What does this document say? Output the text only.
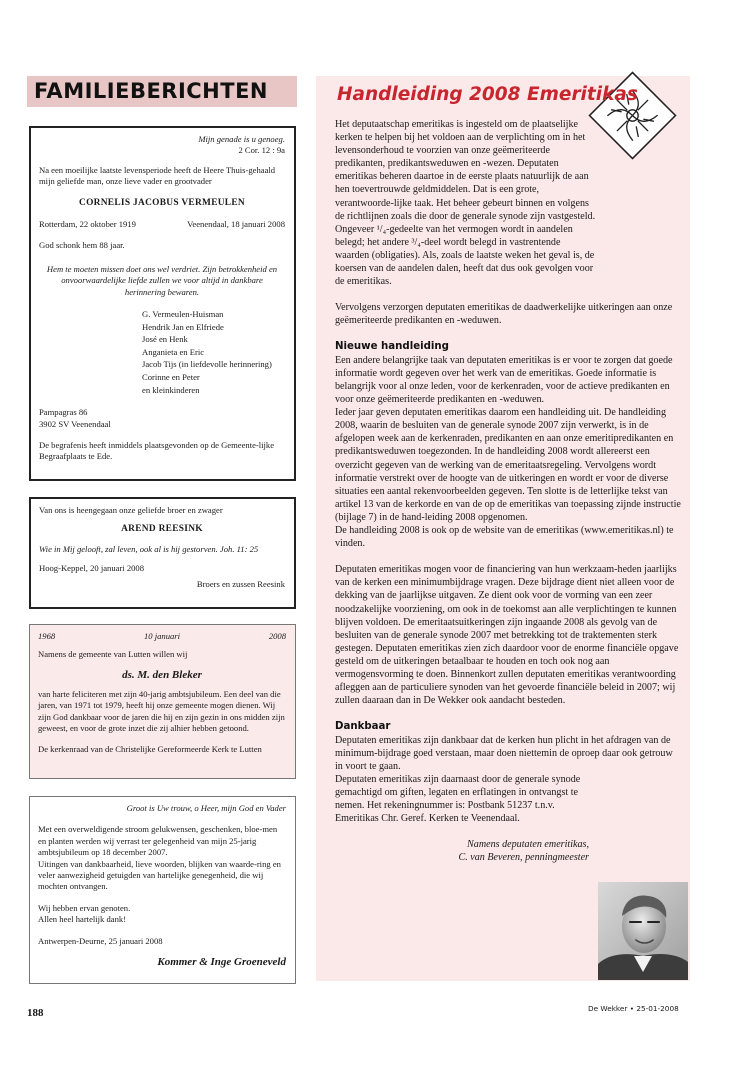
FAMILIEBERICHTEN

Mijn genade is u genoeg.

2 Cor. 12 : 9a

Na een moeilijke laatste levensperiode heeft de Heere Thuis-gehaald mijn geliefde man, onze lieve vader en grootvader

CORNELIS JACOBUS VERMEULEN

Rotterdam, 22 oktober 1919	Veenendaal, 18 januari 2008

God schonk hem 88 jaar.

Hem te moeten missen doet ons wel verdriet. Zijn betrokkenheid en onvoorwaardelijke liefde zullen we voor altijd in dankbare herinnering bewaren.

G. Vermeulen-Huisman

Hendrik Jan en Elfriede

José en Henk

Anganieta en Eric

Jacob Tijs (in liefdevolle herinnering)

Corinne en Peter

en kleinkinderen

Pampagras 86

3902 SV Veenendaal

De begrafenis heeft inmiddels plaatsgevonden op de Gemeente-lijke Begraafplaats te Ede.

Van ons is heengegaan onze geliefde broer en zwager

AREND REESINK

Wie in Mij gelooft, zal leven, ook al is hij gestorven. Joh. 11: 25

Hoog-Keppel, 20 januari 2008

Broers en zussen Reesink

1968	10 januari	2008

Namens de gemeente van Lutten willen wij

ds. M. den Bleker

van harte feliciteren met zijn 40-jarig ambtsjubileum. Een deel van die jaren, van 1971 tot 1979, heeft hij onze gemeente mogen dienen. Wij zijn God dankbaar voor de jaren die hij en zijn gezin in ons midden zijn geweest, en voor de grote inzet die zij alhier hebben getoond.

De kerkenraad van de Christelijke Gereformeerde Kerk te Lutten

Groot is Uw trouw, o Heer, mijn God en Vader

Met een overweldigende stroom gelukwensen, geschenken, bloe-men en planten werden wij verrast ter gelegenheid van mijn 25-jarig ambtsjubileum op 18 december 2007.

Uitingen van dankbaarheid, lieve woorden, blijken van waarde-ring en veler aanwezigheid getuigden van hartelijke genegenheid, die wij mochten ontvangen.

Wij hebben ervan genoten.

Allen heel hartelijk dank!

Antwerpen-Deurne, 25 januari 2008

Kommer & Inge Groeneveld

Handleiding 2008 Emeritikas

Het deputaatschap emeritikas is ingesteld om de plaatselijke kerken te helpen bij het voldoen aan de verplichting om in het levensonderhoud te voorzien van onze geëmeriteerde predikanten, predikantsweduwen en -wezen. Deputaten emeritikas beheren daartoe in de eerste plaats natuurlijk de aan hen toevertrouwde geldmiddelen. Dat is een grote, verantwoorde-lijke taak. Het beheer gebeurt binnen en volgens de richtlijnen zoals die door de generale synode zijn vastgesteld. Ongeveer ¹/₄-gedeelte van het vermogen wordt in aandelen belegd; het andere ³/₄-deel wordt belegd in vastrentende waarden (obligaties). Als, zoals de laatste weken het geval is, de koersen van de aandelen dalen, heeft dat dus ook gevolgen voor de emeritikas.

Vervolgens verzorgen deputaten emeritikas de daadwerkelijke uitkeringen aan onze geëmeriteerde predikanten en -weduwen.

Nieuwe handleiding

Een andere belangrijke taak van deputaten emeritikas is er voor te zorgen dat goede informatie wordt gegeven over het werk van de emeritikas. Goede informatie is belangrijk voor al onze leden, voor de kerkenraden, voor de actieve predikanten en voor onze geëmeriteerde predikanten en -weduwen.

Ieder jaar geven deputaten emeritikas daarom een handleiding uit. De handleiding 2008, waarin de besluiten van de generale synode 2007 zijn verwerkt, is in de afgelopen week aan de kerkenraden, predikanten en aan onze emeritipredikanten en predikantsweduwen toegezonden. In de handleiding 2008 wordt allereerst een overzicht gegeven van de werking van de emeritaatsregeling. Vervolgens wordt informatie verstrekt over de hoogte van de uitkeringen en wordt er voor de diverse situaties een aantal rekenvoorbeelden gegeven. Ten slotte is de letterlijke tekst van artikel 13 van de kerkorde en van de op de emeritikas van toepassing zijnde instructie (bijlage 7) in de hand-leiding 2008 opgenomen.

De handleiding 2008 is ook op de website van de emeritikas (www.emeritikas.nl) te vinden.

Deputaten emeritikas mogen voor de financiering van hun werkzaam-heden jaarlijks van de kerken een minimumbijdrage vragen. Deze bijdrage dient niet alleen voor de dekking van de jaarlijkse uitgaven. Ze dient ook voor de vorming van een zeer noodzakelijke voorziening, om ook in de toekomst aan alle verplichtingen te kunnen blijven voldoen. De emeritaatsuitkeringen zijn ingaande 2008 als gevolg van de besluiten van de generale synode 2007 met betrekking tot de traktementen sterk gestegen. Deputaten emeritikas zien zich daardoor voor de enorme financiële opgave gesteld om de uitkeringen betaalbaar te houden en toch ook nog aan vermogensvorming te doen. Binnenkort zullen deputaten emeritikas verantwoording afleggen aan de particuliere synoden van het gevoerde financiële beleid in 2007; wij zullen daaraan dan in De Wekker ook aandacht besteden.

Dankbaar

Deputaten emeritikas zijn dankbaar dat de kerken hun plicht in het afdragen van de minimum-bijdrage goed verstaan, maar doen niettemin de oproep daar ook getrouw in voort te gaan.

Deputaten emeritikas zijn daarnaast door de generale synode gemachtigd om giften, legaten en erflatingen in ontvangst te nemen. Het rekeningnummer is: Postbank 51237 t.n.v. Emeritikas Chr. Geref. Kerken te Veenendaal.

Namens deputaten emeritikas,

C. van Beveren, penningmeester

188	De Wekker • 25-01-2008
